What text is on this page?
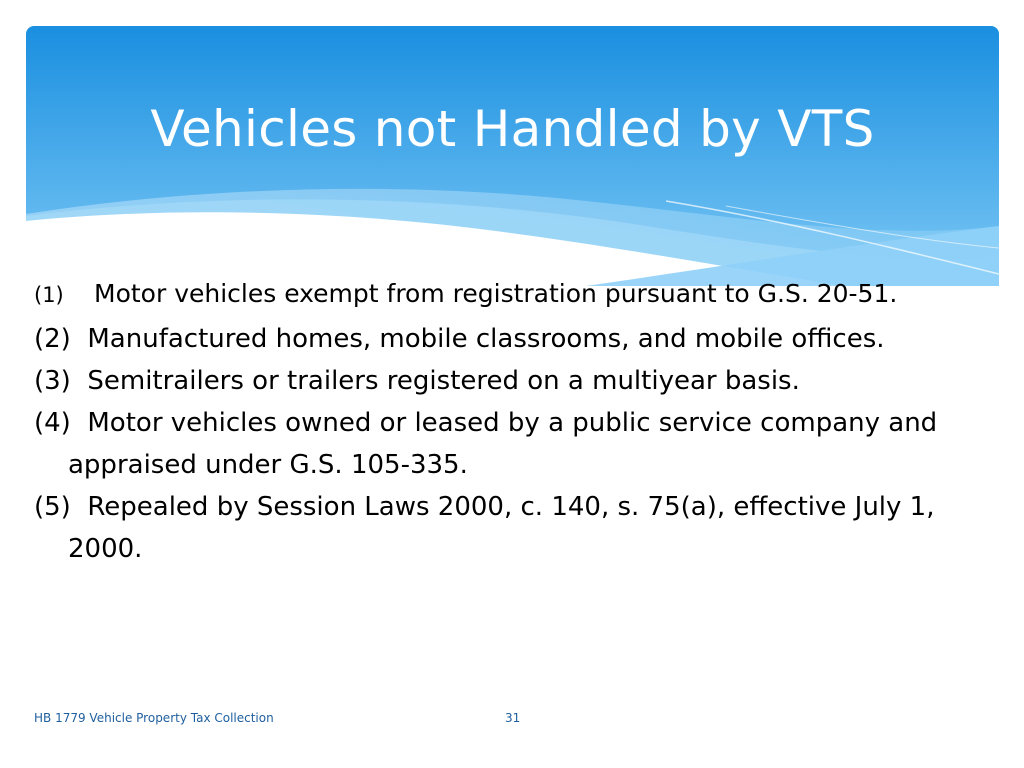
Vehicles not Handled by VTS
(1) Motor vehicles exempt from registration pursuant to G.S. 20-51.
(2) Manufactured homes, mobile classrooms, and mobile offices.
(3) Semitrailers or trailers registered on a multiyear basis.
(4) Motor vehicles owned or leased by a public service company and appraised under G.S. 105-335.
(5) Repealed by Session Laws 2000, c. 140, s. 75(a), effective July 1, 2000.
HB 1779 Vehicle Property Tax Collection	31
